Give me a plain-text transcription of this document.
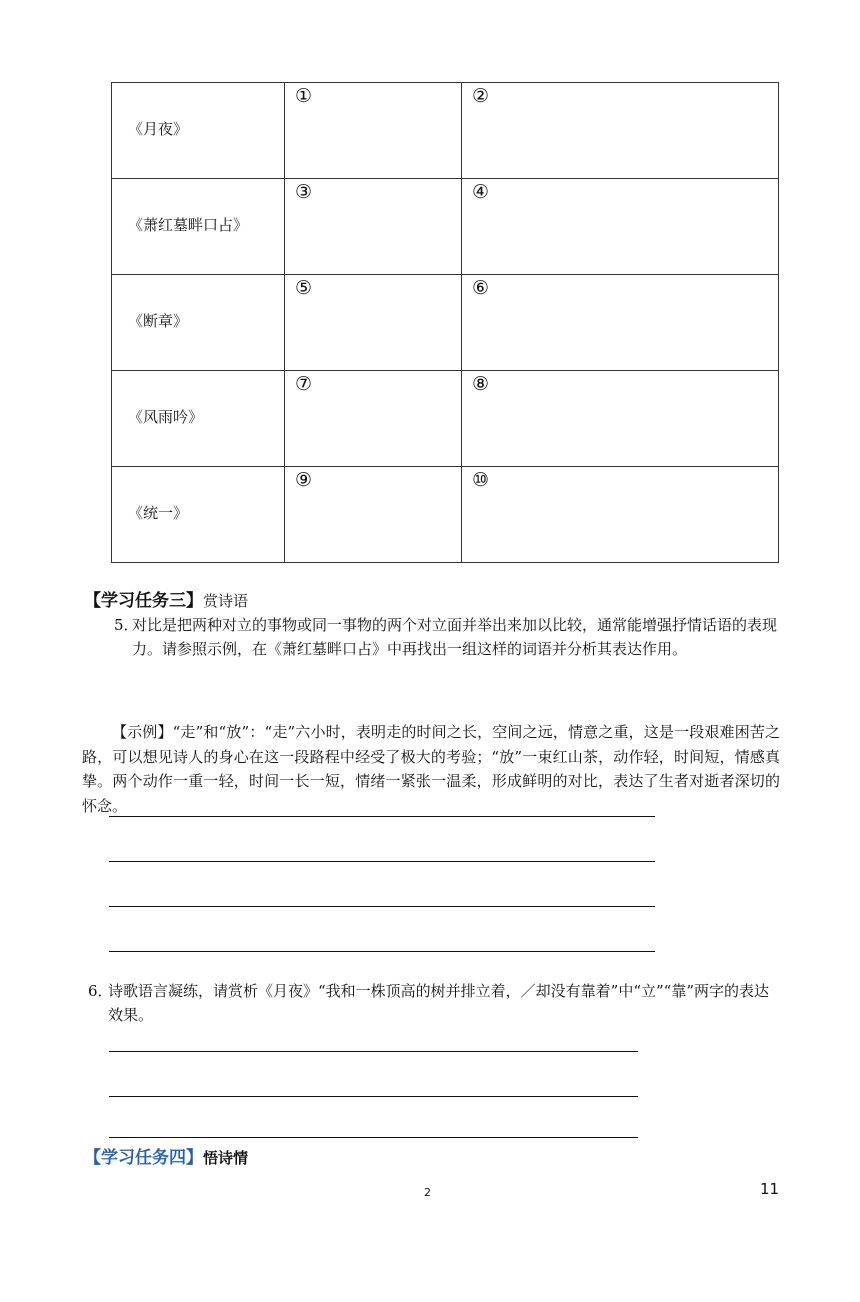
《月夜》	①	②

《萧红墓畔口占》	③	④

《断章》	⑤	⑥

《风雨吟》	⑦	⑧

《统一》	⑨	⑩
【学习任务三】赏诗语
5．
对比是把两种对立的事物或同一事物的两个对立面并举出来加以比较，通常能增强抒情话语的表现力。请参照示例，在《萧红墓畔口占》中再找出一组这样的词语并分析其表达作用。
【示例】“走”和“放”：“走”六小时，表明走的时间之长，空间之远，情意之重，这是一段艰难困苦之路，可以想见诗人的身心在这一段路程中经受了极大的考验；“放”一束红山茶，动作轻，时间短，情感真挚。两个动作一重一轻，时间一长一短，情绪一紧张一温柔，形成鲜明的对比，表达了生者对逝者深切的怀念。
6．
诗歌语言凝练，请赏析《月夜》“我和一株顶高的树并排立着，／却没有靠着”中“立”“靠”两字的表达效果。
【学习任务四】悟诗情
2	11
